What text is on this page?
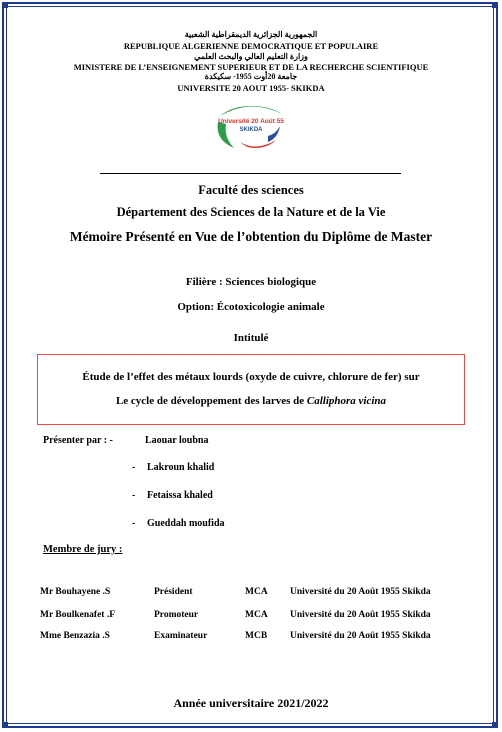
الجمهورية الجزائرية الديمقراطية الشعبية
REPUBLIQUE ALGERIENNE DEMOCRATIQUE ET POPULAIRE
وزارة التعليم العالي والبحث العلمي
MINISTERE DE L’ENSEIGNEMENT SUPERIEUR ET DE LA RECHERCHE SCIENTIFIQUE
جامعة 20أوت 1955- سكيكدة
UNIVERSITE 20 AOUT 1955- SKIKDA
Université 20 Août 55
SKIKDA
Faculté des sciences
Département des Sciences de la Nature et de la Vie
Mémoire Présenté en Vue de l’obtention du Diplôme de Master
Filière : Sciences biologique
Option: Écotoxicologie animale
Intitulé
Étude de l’effet des métaux lourds (oxyde de cuivre, chlorure de fer) sur
Le cycle de développement des larves de Calliphora vicina
Présenter par : -	Laouar loubna
- Lakroun khalid
- Fetaissa khaled
- Gueddah moufida
Membre de jury :
Mr Bouhayene .S	Président	MCA Université du 20 Août 1955 Skikda
Mr Boulkenafet .F	Promoteur	MCA Université du 20 Août 1955 Skikda
Mme Benzazia .S	Examinateur	MCB Université du 20 Août 1955 Skikda
Année universitaire 2021/2022
